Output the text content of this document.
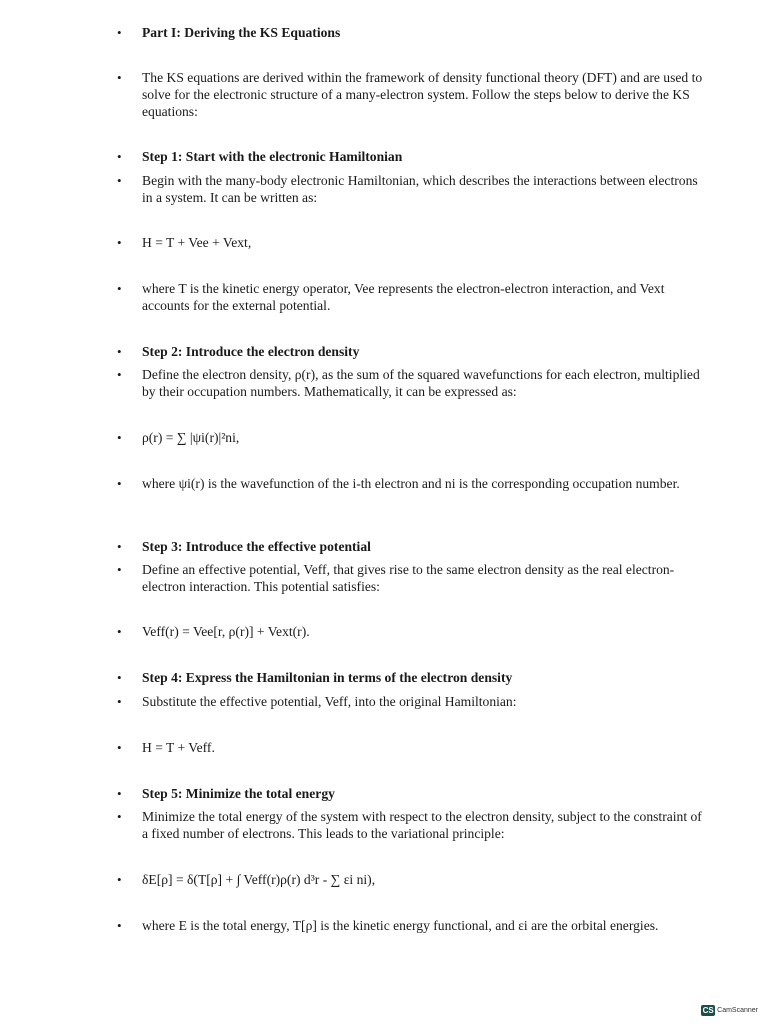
• Part I: Deriving the KS Equations
• The KS equations are derived within the framework of density functional theory (DFT) and are used to solve for the electronic structure of a many-electron system. Follow the steps below to derive the KS equations:
• Step 1: Start with the electronic Hamiltonian
• Begin with the many-body electronic Hamiltonian, which describes the interactions between electrons in a system. It can be written as:
• H = T + Vee + Vext,
• where T is the kinetic energy operator, Vee represents the electron-electron interaction, and Vext accounts for the external potential.
• Step 2: Introduce the electron density
• Define the electron density, ρ(r), as the sum of the squared wavefunctions for each electron, multiplied by their occupation numbers. Mathematically, it can be expressed as:
• ρ(r) = ∑ |ψi(r)|²ni,
• where ψi(r) is the wavefunction of the i-th electron and ni is the corresponding occupation number.
• Step 3: Introduce the effective potential
• Define an effective potential, Veff, that gives rise to the same electron density as the real electron-electron interaction. This potential satisfies:
• Veff(r) = Vee[r, ρ(r)] + Vext(r).
• Step 4: Express the Hamiltonian in terms of the electron density
• Substitute the effective potential, Veff, into the original Hamiltonian:
• H = T + Veff.
• Step 5: Minimize the total energy
• Minimize the total energy of the system with respect to the electron density, subject to the constraint of a fixed number of electrons. This leads to the variational principle:
• δE[ρ] = δ(T[ρ] + ∫ Veff(r)ρ(r) d³r - ∑ εi ni),
• where E is the total energy, T[ρ] is the kinetic energy functional, and εi are the orbital energies.
CS CamScanner
